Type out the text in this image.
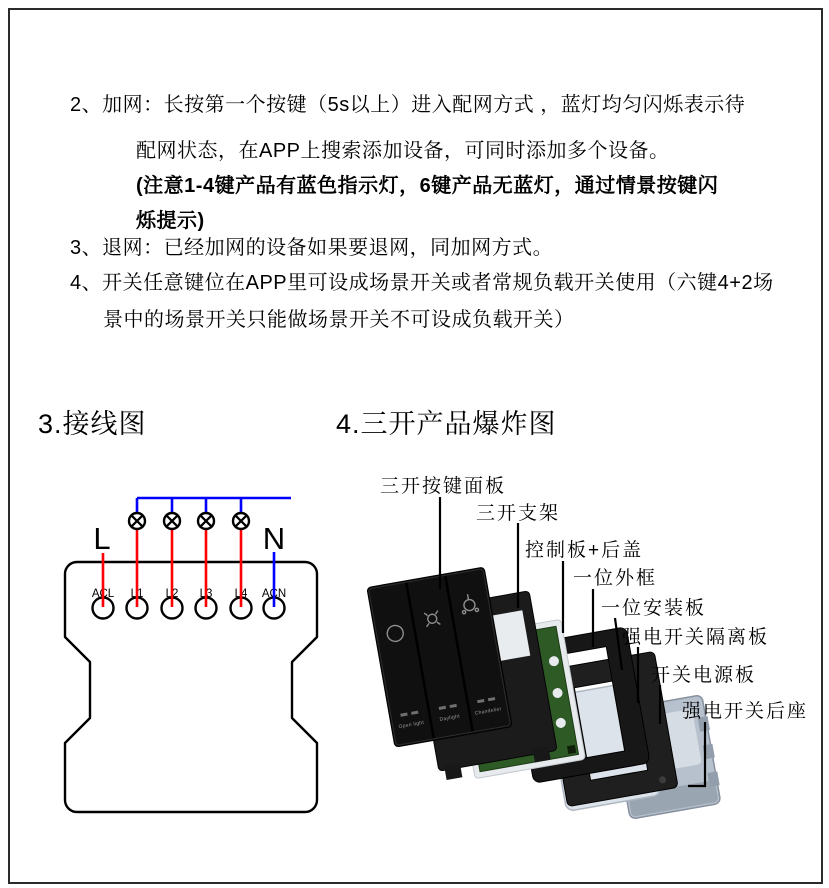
2、加网：长按第一个按键（5s以上）进入配网方式 ，蓝灯均匀闪烁表示待
配网状态，在APP上搜索添加设备，可同时添加多个设备。
(注意1-4键产品有蓝色指示灯，6键产品无蓝灯，通过情景按键闪
烁提示)
3、退网：已经加网的设备如果要退网，同加网方式。
4、开关任意键位在APP里可设成场景开关或者常规负载开关使用（六键4+2场
景中的场景开关只能做场景开关不可设成负载开关）
3.接线图	4.三开产品爆炸图
ACL L1 L2 L3 L4 ACN
L	N
Open light
Daylight
Chandelier
三开按键面板
三开支架
控制板+后盖
一位外框
一位安装板
强电开关隔离板
开关电源板
强电开关后座
